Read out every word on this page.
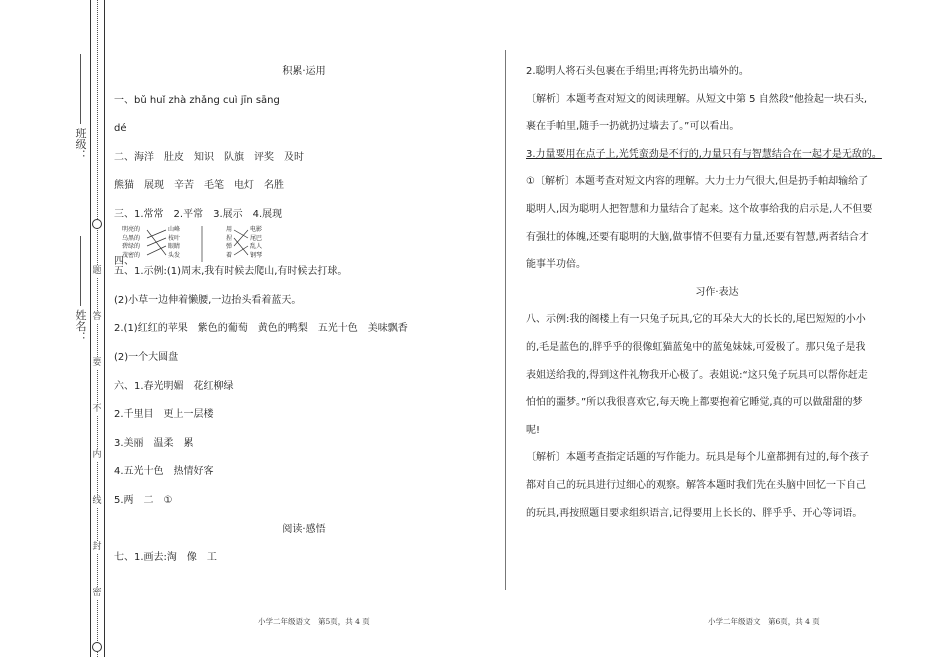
班级：
姓名：
题
答
要
不
内
线
封
密
积累·运用
一、bǔ huǐ zhà zhǎng cuì jīn sāng
dé
二、海洋　肚皮　知识　队旗　评奖　及时
熊猫　展现　辛苦　毛笔　电灯　名胜
三、1.常常　2.平常　3.展示　4.展现
五、1.示例:(1)周末,我有时候去爬山,有时候去打球。
(2)小草一边伸着懒腰,一边抬头看着蓝天。
2.(1)红红的苹果　紫色的葡萄　黄色的鸭梨　五光十色　美味飘香
(2)一个大圆盘
六、1.春光明媚　花红柳绿
2.千里目　更上一层楼
3.美丽　温柔　累
4.五光十色　热情好客
5.两　二　①
阅读·感悟
七、1.画去:淘　像　工
四、
明亮的
乌黑的
碧绿的
茂密的
山峰
枝叶
眼睛
头发
用
捏
弹
着
电影
尾巴
乱人
钢琴
2.聪明人将石头包裹在手绢里;再将先扔出墙外的。
〔解析〕本题考查对短文的阅读理解。从短文中第 5 自然段“他捡起一块石头,
裹在手帕里,随手一扔就扔过墙去了。”可以看出。
3.力量要用在点子上,光凭蛮劲是不行的,力量只有与智慧结合在一起才是无敌的。
①〔解析〕本题考查对短文内容的理解。大力士力气很大,但是扔手帕却输给了
聪明人,因为聪明人把智慧和力量结合了起来。这个故事给我的启示是,人不但要
有强壮的体魄,还要有聪明的大脑,做事情不但要有力量,还要有智慧,两者结合才
能事半功倍。
习作·表达
八、示例:我的阁楼上有一只兔子玩具,它的耳朵大大的长长的,尾巴短短的小小
的,毛是蓝色的,胖乎乎的很像虹猫蓝兔中的蓝兔妹妹,可爱极了。那只兔子是我
表姐送给我的,得到这件礼物我开心极了。表姐说:“这只兔子玩具可以帮你赶走
怕怕的噩梦。”所以我很喜欢它,每天晚上都要抱着它睡觉,真的可以做甜甜的梦
呢!
〔解析〕本题考查指定话题的写作能力。玩具是每个儿童都拥有过的,每个孩子
都对自己的玩具进行过细心的观察。解答本题时我们先在头脑中回忆一下自己
的玩具,再按照题目要求组织语言,记得要用上长长的、胖乎乎、开心等词语。
小学二年级语文　第5页，共 4 页	小学二年级语文　第6页，共 4 页
